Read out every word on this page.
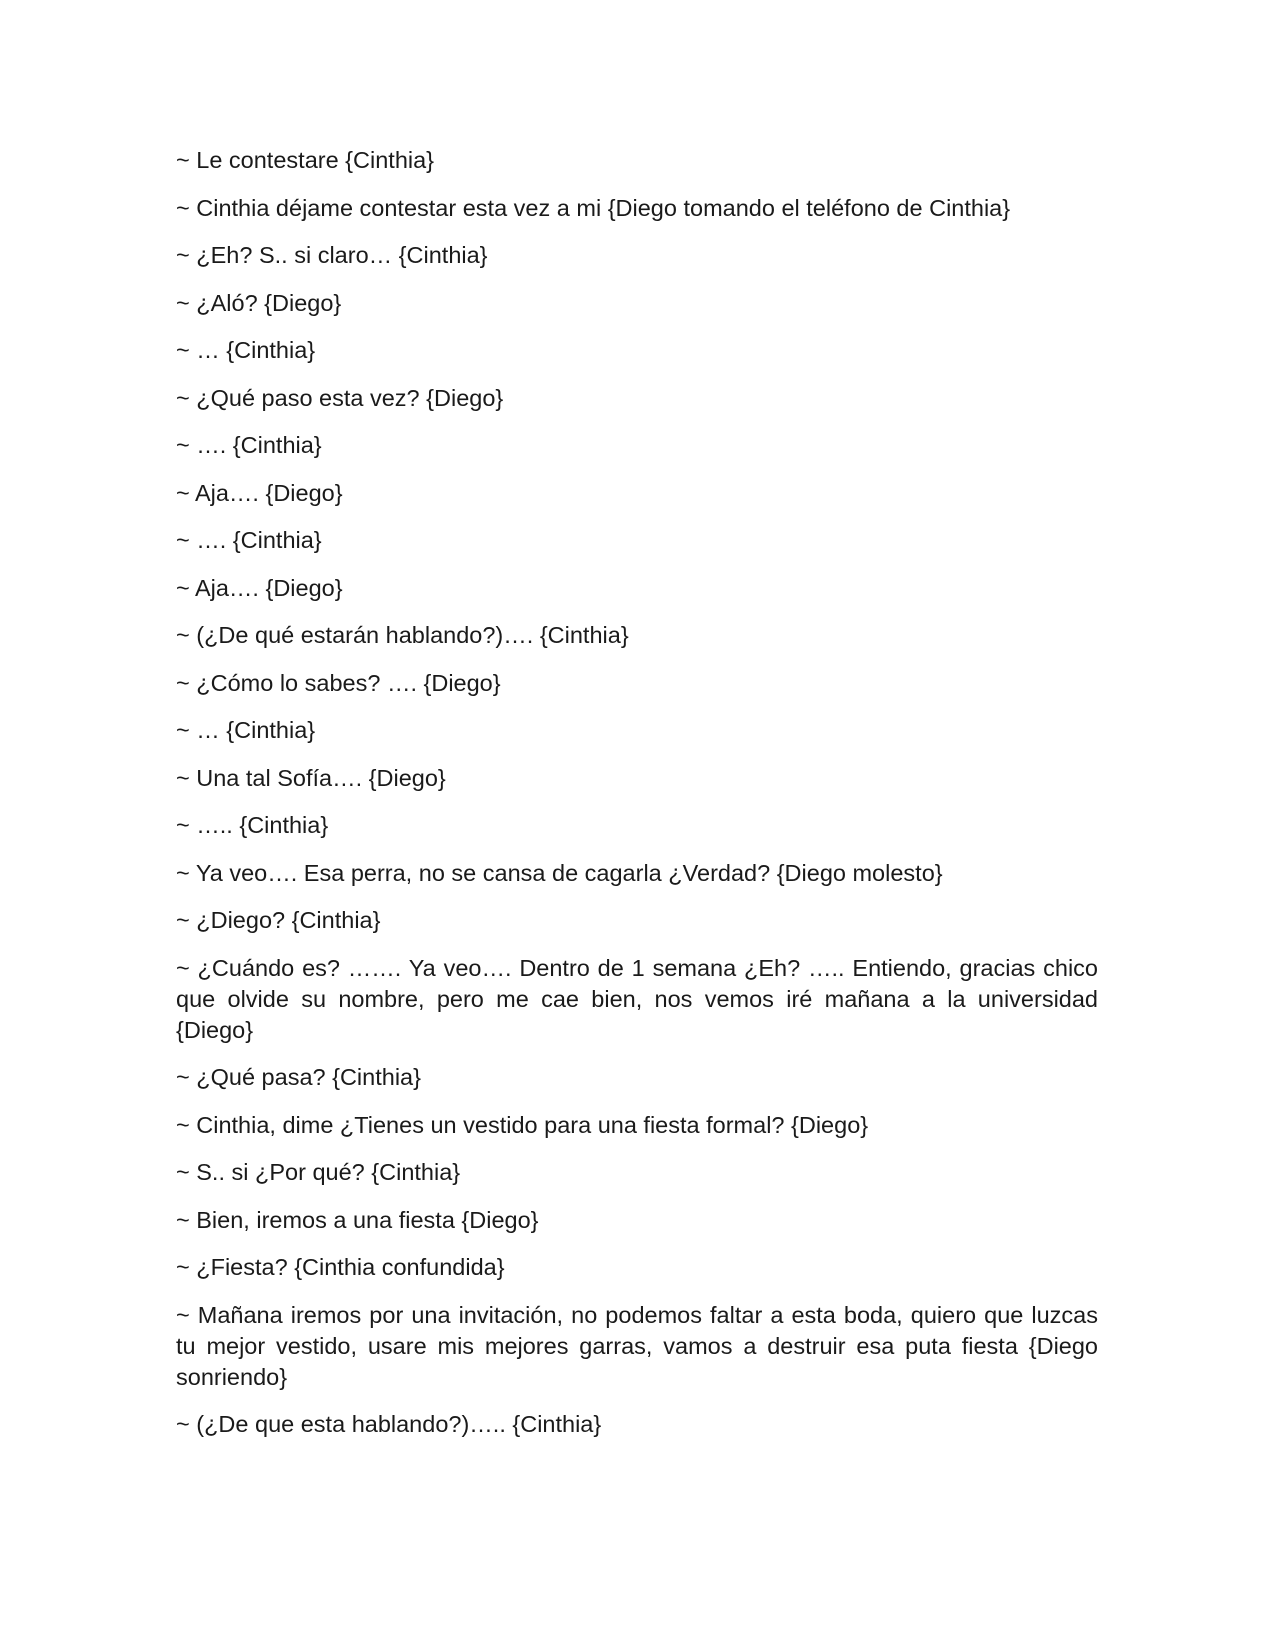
~ Le contestare {Cinthia}

~ Cinthia déjame contestar esta vez a mi {Diego tomando el teléfono de Cinthia}

~ ¿Eh? S.. si claro… {Cinthia}

~ ¿Aló? {Diego}

~ … {Cinthia}

~ ¿Qué paso esta vez? {Diego}

~ …. {Cinthia}

~ Aja…. {Diego}

~ …. {Cinthia}

~ Aja…. {Diego}

~ (¿De qué estarán hablando?)…. {Cinthia}

~ ¿Cómo lo sabes? …. {Diego}

~ … {Cinthia}

~ Una tal Sofía…. {Diego}

~ ….. {Cinthia}

~ Ya veo…. Esa perra, no se cansa de cagarla ¿Verdad? {Diego molesto}

~ ¿Diego? {Cinthia}

~ ¿Cuándo es? ……. Ya veo…. Dentro de 1 semana ¿Eh? ….. Entiendo, gracias chico que olvide su nombre, pero me cae bien, nos vemos iré mañana a la universidad {Diego}

~ ¿Qué pasa? {Cinthia}

~ Cinthia, dime ¿Tienes un vestido para una fiesta formal? {Diego}

~ S.. si ¿Por qué? {Cinthia}

~ Bien, iremos a una fiesta {Diego}

~ ¿Fiesta? {Cinthia confundida}

~ Mañana iremos por una invitación, no podemos faltar a esta boda, quiero que luzcas tu mejor vestido, usare mis mejores garras, vamos a destruir esa puta fiesta {Diego sonriendo}

~ (¿De que esta hablando?)….. {Cinthia}
